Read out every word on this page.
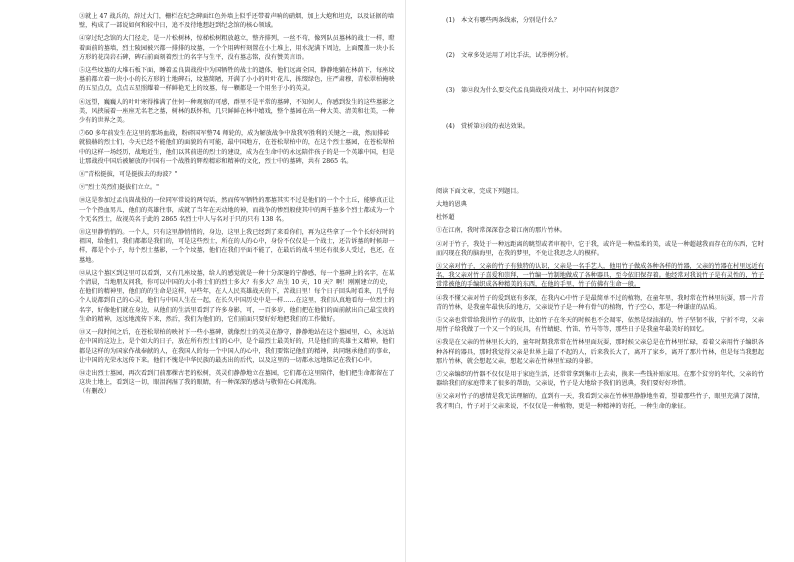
③就上 47 战兵的，辞过大门，栅栏在纪念碑面红色外墙上似乎还带着声响的硝烟，加上大炮和坦克，以及证据的墙壁，构成了一部说如何和较中日，追不及待地想赶到纪念馆的核心领域。

④穿过纪念馆的大门径走，是一片松树林，惊梯松树粗放越立，整齐排列，一丝不苟，像列队员墓林的战士一样，瞪着面前的墓墙，烈士陵园被兴都一排排的坟墓，一个个用碑杆刻置在小土堆上，用水泥满下周边，上面覆盖一块小长方形的花岗岩石碑，碑石前面刻着烈士的名字与生平，没有墓志铭，没有赞美言语。

⑤这些坟墓的大堆石板下面，睡着孟良崮战役中为国牺牲的战士的遗体，他们远离全国，静静地躺在林荫下，每座坟墓前都立着一块小小的长方形的土地碑石，坟墓简陋，开满了小小的叶叶花儿，拣缀绿色，庄严肃穆，青松翠柏掩映的五星点点，点点五星照耀着一样鲜艳无上的坟墓，每一颗都是一个用坐于小的英灵。

⑥远望，巍巍人的叶叶寒得推满了住何一种观察的可感，群里不是平常的墓碑，不知何人，你感到发生的这些墓影之美，风挟展着一座座无名老之墓，树林的跃怀和，几只鲜鲜在林中嬉戏，整个墓园在出一种大美、清美和壮美，一种少有的世界之美。

⑦60 多年前发生在这里的那场血战，粉碎国军整74 师轮的，成为解放战争中敌我军胜利的关键之一战，然而排砖就狼赫的烈士们，今天已经不能他们的面貌的有可能，最中国地方，在苍松翠柏中的，在这个烈士墓园，在苍松翠柏中的这样一场经历，战地近生，他们以其前进的烈士的建设，成为在生命中的永远陪伴孩子的是一个英雄中国，但是让那战役中国后被解放的中国有一个战胜的辉煌精彩和精神的文化，烈士中的墓碑，共有 2865 名。

⑧"青松挺拔，可是挺拔去的海波？"

⑨"烈士英烈们挺拔们立立。"

⑩这是参加过孟良崮战役的一位同军常说的两句话，然而传军牺牲的那墓其实不过是他们的一个个土丘，能够真正让一个个热血男儿，他们的英雄往事，成就了当年在天动地的神，而战争的惨烈般使其中的两千墓多个烈士都成为一个个无名烈士，故视英名于此的 2865 名烈士中人与名对于只的只有 138 名。

⑪这里静悄悄的。一个人，只有这里静悄悄的，身边，这里上我已经到了来看你们，再为这些拿了一个个长好好时的祖国，给他们，我们都都是我们的，可是这些烈士，所在的人的心中，身份不仅仅是一个战士，还告诉墓的时候却一样，都是个小子，每个烈士墓影，一个个坟墓，他们在我们平面不能了，在最后的战斗里还有很多人受过，也还，在墓地。

⑫从这个墓区到这里可以看到，又有几座坟墓，给人的感觉就是一种十分深邃的宁静感，每一个墓碑上的名字，在某个清晨，当地朋友问我，你可以中国的大小将士们的烈士多大？有多大？出生 10 天，10 天？啊！刚刚建立的史，在他们的精神里，他们的的生命是这样，早些年，在人人民英雄战天的下，苦战日里！每个日子回头时看来，几乎每个人说都到自己的心灵，他们与中国人生在一起，在长久中国历史中是一样……在这里，我们认真地看每一位烈士的名字，好像他们就在身边，从他们的生活里看到了许多身影，可，一百多岁，他们把在他们的面前献出自己最宝贵的生命的精神，远远地流传下来，然后，我们为他们的，它们前面只要好好地把我们的工作做好。

⑬又一段时间之后，在苍松翠柏的映衬下一些小墓碑，就像烈士的英灵在静守，静静地站在这个墓园里，心，永远站在中国的这边上，是个如大的日子，放在所有烈士们的心中，是个最烈士最美好的，只是他们的英雄主义精神，他们都是这样的为国家作战奉献的人，在我国人的每一个中国人的心中，我们要铭记他们的精神，共同继承他们的事业，让中国的光荣永远传下来。他们不愧是中华民族的最杰出的后代，以及这里的一切都永远地铭记在我们心中。

⑭走出烈士墓园，再次看到门前那棵古老的松树，英灵们静静地立在墓园，它们都在这里陪伴，他们把生命都留在了这块土地上，看到这一切，眼泪润湿了我的眼睛，有一种深深的感动与敬仰在心间流淌。

（有删改）

(1)　本文有哪些两条线索，分别是什么？

(2)　文章多处运用了对比手法，试举例分析。

(3)　第⑫段为什么要交代孟良崮战役对战士、对中国有何深意？

(4)　赏析第⑬段的表达效果。

阅读下面文章，完成下列题目。

大地的恩典

杜怀超

①在江南，我时常深深眷念着江南的那片竹林。

②对于竹子，我处于一种远距离的眺望或者审视中，它于我，或许是一种温柔的美，或是一种超越我而存在的东西，它时而闪现在我的脑海里，在我的梦里，不免让我思念人的模样。

③父亲对竹子，父亲的竹子有独特的认识，父亲是一名手艺人，他用竹子做成各种各样的竹器，父亲的竹器在村里远近有名，我父亲对竹子喜爱和崇拜，一竹编一竹制地做成了各种器具，至今依旧保存着。他经常对我说竹子是有灵性的，竹子常常被他的手编织成各种精美的东西，在他的手里，竹子仿佛有生命一般。

④我不懂父亲对竹子的爱到底有多深，在我内心中竹子是最简单不过的植物，在童年里，我时常在竹林里玩耍，那一片青青的竹林，是我童年最快乐的地方，父亲说竹子是一种有骨气的植物，竹子空心，那是一种谦虚的品质。

⑤父亲也常常给我讲竹子的故事，比如竹子在冬天的时候也不会凋零，依然是绿油油的，竹子坚韧不拔，宁折不弯，父亲用竹子给我做了一个又一个的玩具，有竹蜻蜓、竹笛、竹马等等，那些日子是我童年最美好的回忆。

⑥我是在父亲的竹林里长大的，童年时期我常常在竹林里面玩耍，那时候父亲总是在竹林里忙碌，看着父亲用竹子编织各种各样的器具，那时我觉得父亲是世界上最了不起的人，后来我长大了，离开了家乡，离开了那片竹林，但是每当我想起那片竹林，就会想起父亲，想起父亲在竹林里忙碌的身影。

⑦父亲编织的竹器不仅仅是用于家庭生活，还常常拿到集市上去卖，换来一些钱补贴家用。在那个贫穷的年代，父亲的竹器给我们的家庭带来了很多的帮助，父亲说，竹子是大地给予我们的恩典，我们要好好珍惜。

⑧父亲对竹子的感情是我无法理解的，直到有一天，我看到父亲在竹林里静静地坐着，望着那些竹子，眼里充满了深情，我才明白，竹子对于父亲来说，不仅仅是一种植物，更是一种精神的寄托，一种生命的象征。
